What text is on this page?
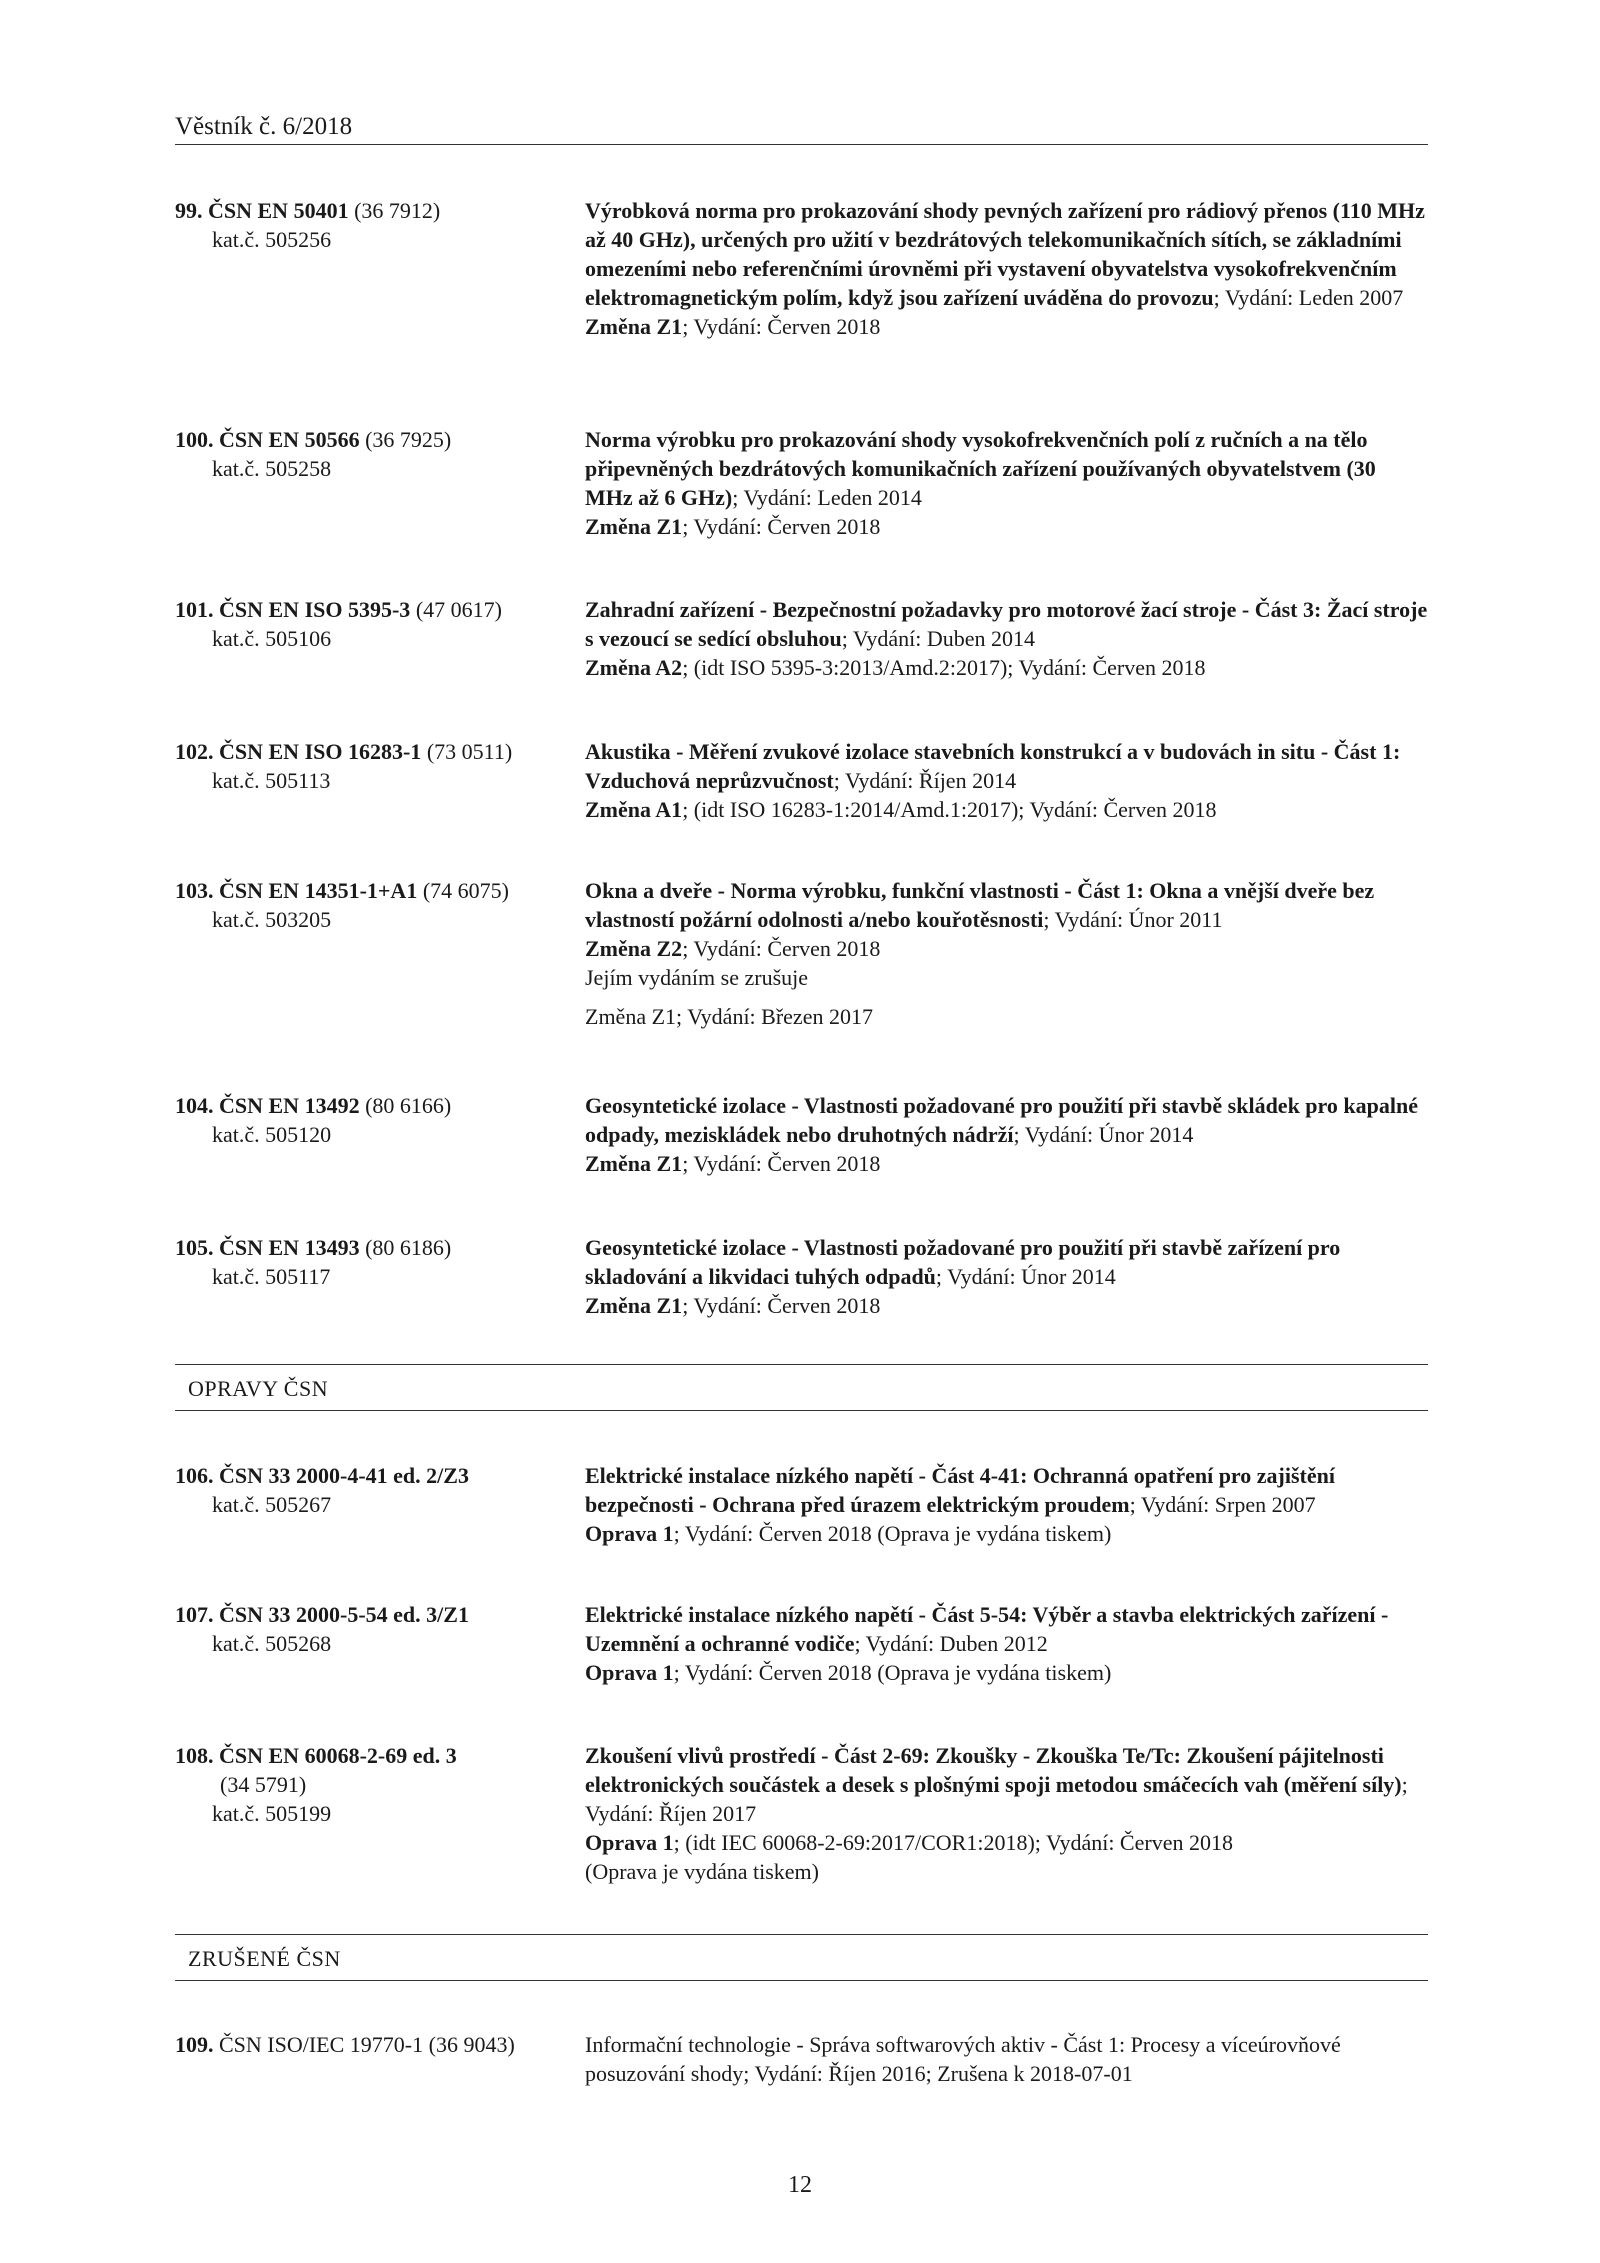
Věstník č. 6/2018
99. ČSN EN 50401 (36 7912)
kat.č. 505256
Výrobková norma pro prokazování shody pevných zařízení pro rádiový přenos (110 MHz až 40 GHz), určených pro užití v bezdrátových telekomunikačních sítích, se základními omezeními nebo referenčními úrovněmi při vystavení obyvatelstva vysokofrekvenčním elektromagnetickým polím, když jsou zařízení uváděna do provozu; Vydání: Leden 2007
Změna Z1; Vydání: Červen 2018
100. ČSN EN 50566 (36 7925)
kat.č. 505258
Norma výrobku pro prokazování shody vysokofrekvenčních polí z ručních a na tělo připevněných bezdrátových komunikačních zařízení používaných obyvatelstvem (30 MHz až 6 GHz); Vydání: Leden 2014
Změna Z1; Vydání: Červen 2018
101. ČSN EN ISO 5395-3 (47 0617)
kat.č. 505106
Zahradní zařízení - Bezpečnostní požadavky pro motorové žací stroje - Část 3: Žací stroje s vezoucí se sedící obsluhou; Vydání: Duben 2014
Změna A2; (idt ISO 5395-3:2013/Amd.2:2017); Vydání: Červen 2018
102. ČSN EN ISO 16283-1 (73 0511)
kat.č. 505113
Akustika - Měření zvukové izolace stavebních konstrukcí a v budovách in situ - Část 1: Vzduchová neprůzvučnost; Vydání: Říjen 2014
Změna A1; (idt ISO 16283-1:2014/Amd.1:2017); Vydání: Červen 2018
103. ČSN EN 14351-1+A1 (74 6075)
kat.č. 503205
Okna a dveře - Norma výrobku, funkční vlastnosti - Část 1: Okna a vnější dveře bez vlastností požární odolnosti a/nebo kouřotěsnosti; Vydání: Únor 2011
Změna Z2; Vydání: Červen 2018
Jejím vydáním se zrušuje
Změna Z1; Vydání: Březen 2017
104. ČSN EN 13492 (80 6166)
kat.č. 505120
Geosyntetické izolace - Vlastnosti požadované pro použití při stavbě skládek pro kapalné odpady, meziskládek nebo druhotných nádrží; Vydání: Únor 2014
Změna Z1; Vydání: Červen 2018
105. ČSN EN 13493 (80 6186)
kat.č. 505117
Geosyntetické izolace - Vlastnosti požadované pro použití při stavbě zařízení pro skladování a likvidaci tuhých odpadů; Vydání: Únor 2014
Změna Z1; Vydání: Červen 2018
OPRAVY ČSN
106. ČSN 33 2000-4-41 ed. 2/Z3
kat.č. 505267
Elektrické instalace nízkého napětí - Část 4-41: Ochranná opatření pro zajištění bezpečnosti - Ochrana před úrazem elektrickým proudem; Vydání: Srpen 2007
Oprava 1; Vydání: Červen 2018 (Oprava je vydána tiskem)
107. ČSN 33 2000-5-54 ed. 3/Z1
kat.č. 505268
Elektrické instalace nízkého napětí - Část 5-54: Výběr a stavba elektrických zařízení - Uzemnění a ochranné vodiče; Vydání: Duben 2012
Oprava 1; Vydání: Červen 2018 (Oprava je vydána tiskem)
108. ČSN EN 60068-2-69 ed. 3
(34 5791)
kat.č. 505199
Zkoušení vlivů prostředí - Část 2-69: Zkoušky - Zkouška Te/Tc: Zkoušení pájitelnosti elektronických součástek a desek s plošnými spoji metodou smáčecích vah (měření síly); Vydání: Říjen 2017
Oprava 1; (idt IEC 60068-2-69:2017/COR1:2018); Vydání: Červen 2018
(Oprava je vydána tiskem)
ZRUŠENÉ ČSN
109. ČSN ISO/IEC 19770-1 (36 9043)	Informační technologie - Správa softwarových aktiv - Část 1: Procesy a víceúrovňové posuzování shody; Vydání: Říjen 2016; Zrušena k 2018-07-01
12
